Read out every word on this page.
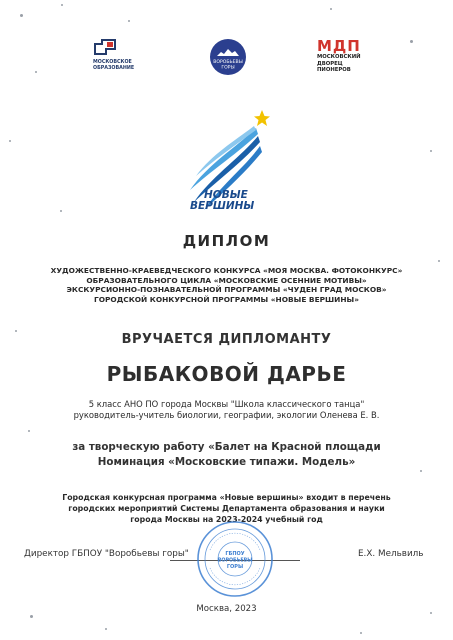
МОСКОВСКОЕ
ОБРАЗОВАНИЕ
ВОРОБЬЕВЫ
ГОРЫ
МДП
МОСКОВСКИЙ
ДВОРЕЦ
ПИОНЕРОВ
НОВЫЕ
ВЕРШИНЫ
ДИПЛОМ
ХУДОЖЕСТВЕННО-КРАЕВЕДЧЕСКОГО КОНКУРСА «МОЯ МОСКВА. ФОТОКОНКУРС»
ОБРАЗОВАТЕЛЬНОГО ЦИКЛА «МОСКОВСКИЕ ОСЕННИЕ МОТИВЫ»
ЭКСКУРСИОННО-ПОЗНАВАТЕЛЬНОЙ ПРОГРАММЫ «ЧУДЕН ГРАД МОСКОВ»
ГОРОДСКОЙ КОНКУРСНОЙ ПРОГРАММЫ «НОВЫЕ ВЕРШИНЫ»
ВРУЧАЕТСЯ ДИПЛОМАНТУ
РЫБАКОВОЙ ДАРЬЕ
5 класс АНО ПО города Москвы "Школа классического танца"
руководитель-учитель биологии, географии, экологии Оленева Е. В.
за творческую работу «Балет на Красной площади
Номинация «Московские типажи. Модель»
Городская конкурсная программа «Новые вершины» входит в перечень
городских мероприятий Системы Департамента образования и науки
города Москвы на 2023-2024 учебный год
Директор ГБПОУ "Воробьевы горы"	Е.Х. Мельвиль
ГБПОУ
ВОРОБЬЕВЫ
ГОРЫ
Москва, 2023
